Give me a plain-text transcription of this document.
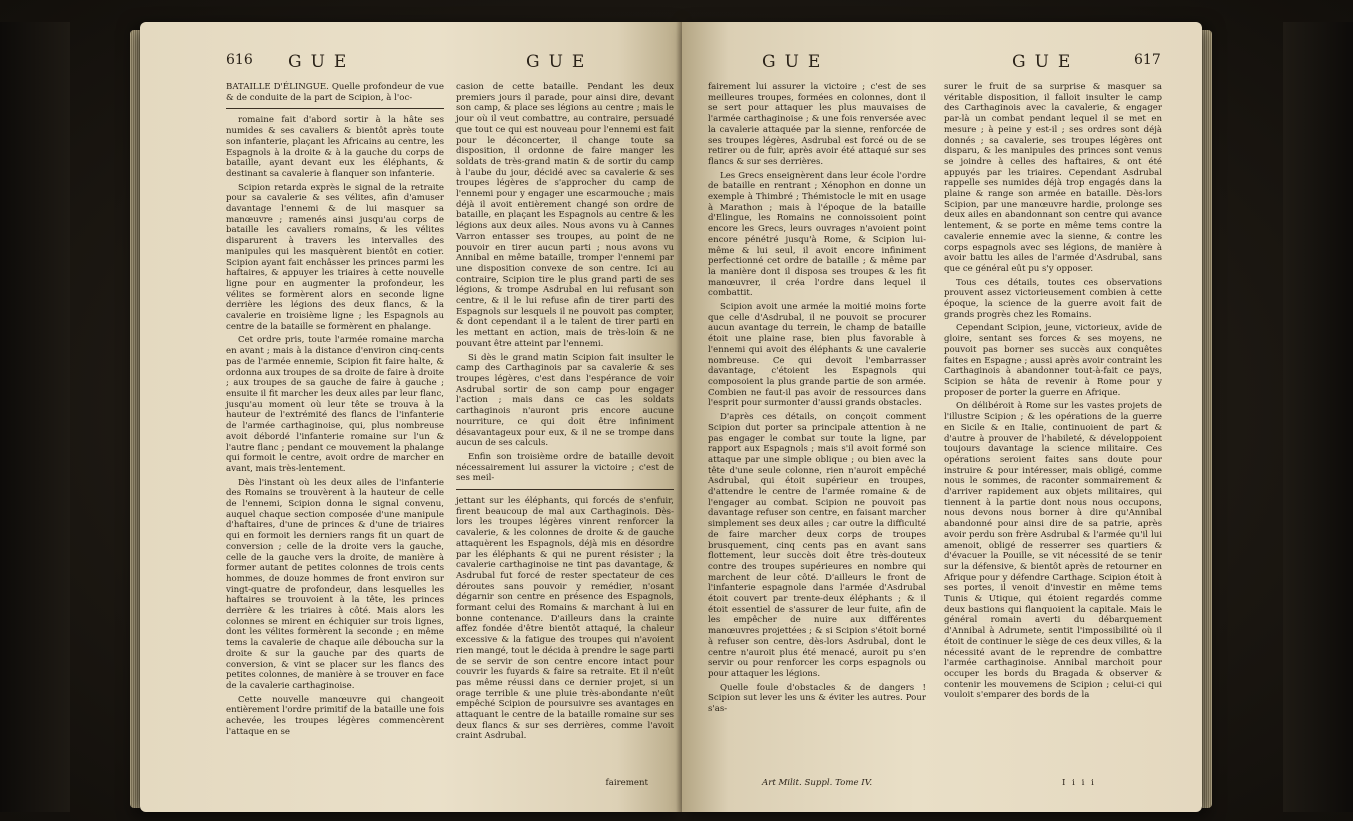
616 GUE	GUE

BATAILLE D'ÉLINGUE. Quelle profondeur de vue & de conduite de la part de Scipion, à l'oc-

romaine fait d'abord sortir à la hâte ses numides & ses cavaliers & bientôt après toute son infanterie, plaçant les Africains au centre, les Espagnols à la droite & à la gauche du corps de bataille, ayant devant eux les éléphants, & destinant sa cavalerie à flanquer son infanterie.

Scipion retarda exprès le signal de la retraite pour sa cavalerie & ses vélites, afin d'amuser davantage l'ennemi & de lui masquer sa manœuvre ; ramenés ainsi jusqu'au corps de bataille les cavaliers romains, & les vélites disparurent à travers les intervalles des manipules qui les masquèrent bientôt en cotier. Scipion ayant fait enchâsser les princes parmi les haftaires, & appuyer les triaires à cette nouvelle ligne pour en augmenter la profondeur, les vélites se formèrent alors en seconde ligne derrière les légions des deux flancs, & la cavalerie en troisième ligne ; les Espagnols au centre de la bataille se formèrent en phalange.

Cet ordre pris, toute l'armée romaine marcha en avant ; mais à la distance d'environ cinq-cents pas de l'armée ennemie, Scipion fit faire halte, & ordonna aux troupes de sa droite de faire à droite ; aux troupes de sa gauche de faire à gauche ; ensuite il fit marcher les deux ailes par leur flanc, jusqu'au moment où leur tête se trouva à la hauteur de l'extrémité des flancs de l'infanterie de l'armée carthaginoise, qui, plus nombreuse avoit débordé l'infanterie romaine sur l'un & l'autre flanc ; pendant ce mouvement la phalange qui formoit le centre, avoit ordre de marcher en avant, mais très-lentement.

Dès l'instant où les deux ailes de l'infanterie des Romains se trouvèrent à la hauteur de celle de l'ennemi, Scipion donna le signal convenu, auquel chaque section composée d'une manipule d'haftaires, d'une de princes & d'une de triaires qui en formoit les derniers rangs fit un quart de conversion ; celle de la droite vers la gauche, celle de la gauche vers la droite, de manière à former autant de petites colonnes de trois cents hommes, de douze hommes de front environ sur vingt-quatre de profondeur, dans lesquelles les haftaires se trouvoient à la tête, les princes derrière & les triaires à côté. Mais alors les colonnes se mirent en échiquier sur trois lignes, dont les vélites formèrent la seconde ; en même tems la cavalerie de chaque aile déboucha sur la droite & sur la gauche par des quarts de conversion, & vint se placer sur les flancs des petites colonnes, de manière à se trouver en face de la cavalerie carthaginoise.

Cette nouvelle manœuvre qui changeoit entièrement l'ordre primitif de la bataille une fois achevée, les troupes légères commencèrent l'attaque en se

casion de cette bataille. Pendant les deux premiers jours il parade, pour ainsi dire, devant son camp, & place ses légions au centre ; mais le jour où il veut combattre, au contraire, persuadé que tout ce qui est nouveau pour l'ennemi est fait pour le déconcerter, il change toute sa disposition, il ordonne de faire manger les soldats de très-grand matin & de sortir du camp à l'aube du jour, décidé avec sa cavalerie & ses troupes légères de s'approcher du camp de l'ennemi pour y engager une escarmouche ; mais déjà il avoit entièrement changé son ordre de bataille, en plaçant les Espagnols au centre & les légions aux deux ailes. Nous avons vu à Cannes Varron entasser ses troupes, au point de ne pouvoir en tirer aucun parti ; nous avons vu Annibal en même bataille, tromper l'ennemi par une disposition convexe de son centre. Ici au contraire, Scipion tire le plus grand parti de ses légions, & trompe Asdrubal en lui refusant son centre, & il le lui refuse afin de tirer parti des Espagnols sur lesquels il ne pouvoit pas compter, & dont cependant il a le talent de tirer parti en les mettant en action, mais de très-loin & ne pouvant être atteint par l'ennemi.

Si dès le grand matin Scipion fait insulter le camp des Carthaginois par sa cavalerie & ses troupes légères, c'est dans l'espérance de voir Asdrubal sortir de son camp pour engager l'action ; mais dans ce cas les soldats carthaginois n'auront pris encore aucune nourriture, ce qui doit être infiniment désavantageux pour eux, & il ne se trompe dans aucun de ses calculs.

Enfin son troisième ordre de bataille devoit nécessairement lui assurer la victoire ; c'est de ses meil-

jettant sur les éléphants, qui forcés de s'enfuir, firent beaucoup de mal aux Carthaginois. Dès-lors les troupes légères vinrent renforcer la cavalerie, & les colonnes de droite & de gauche attaquèrent les Espagnols, déjà mis en désordre par les éléphants & qui ne purent résister ; la cavalerie carthaginoise ne tint pas davantage, & Asdrubal fut forcé de rester spectateur de ces déroutes sans pouvoir y remédier, n'osant dégarnir son centre en présence des Espagnols, formant celui des Romains & marchant à lui en bonne contenance. D'ailleurs dans la crainte affez fondée d'être bientôt attaqué, la chaleur excessive & la fatigue des troupes qui n'avoient rien mangé, tout le décida à prendre le sage parti de se servir de son centre encore intact pour couvrir les fuyards & faire sa retraite. Et il n'eût pas même réussi dans ce dernier projet, si un orage terrible & une pluie très-abondante n'eût empêché Scipion de poursuivre ses avantages en attaquant le centre de la bataille romaine sur ses deux flancs & sur ses derrières, comme l'avoit craint Asdrubal.

fairement
GUE	GUE	617

fairement lui assurer la victoire ; c'est de ses meilleures troupes, formées en colonnes, dont il se sert pour attaquer les plus mauvaises de l'armée carthaginoise ; & une fois renversée avec la cavalerie attaquée par la sienne, renforcée de ses troupes légères, Asdrubal est forcé ou de se retirer ou de fuir, après avoir été attaqué sur ses flancs & sur ses derrières.

Les Grecs enseignèrent dans leur école l'ordre de bataille en rentrant ; Xénophon en donne un exemple à Thimbré ; Thémistocle le mit en usage à Marathon ; mais à l'époque de la bataille d'Elingue, les Romains ne connoissoient point encore les Grecs, leurs ouvrages n'avoient point encore pénétré jusqu'à Rome, & Scipion lui-même & lui seul, il avoit encore infiniment perfectionné cet ordre de bataille ; & même par la manière dont il disposa ses troupes & les fit manœuvrer, il créa l'ordre dans lequel il combattit.

Scipion avoit une armée la moitié moins forte que celle d'Asdrubal, il ne pouvoit se procurer aucun avantage du terrein, le champ de bataille étoit une plaine rase, bien plus favorable à l'ennemi qui avoit des éléphants & une cavalerie nombreuse. Ce qui devoit l'embarrasser davantage, c'étoient les Espagnols qui composoient la plus grande partie de son armée. Combien ne faut-il pas avoir de ressources dans l'esprit pour surmonter d'aussi grands obstacles.

D'après ces détails, on conçoit comment Scipion dut porter sa principale attention à ne pas engager le combat sur toute la ligne, par rapport aux Espagnols ; mais s'il avoit formé son attaque par une simple oblique ; ou bien avec la tête d'une seule colonne, rien n'auroit empêché Asdrubal, qui étoit supérieur en troupes, d'attendre le centre de l'armée romaine & de l'engager au combat. Scipion ne pouvoit pas davantage refuser son centre, en faisant marcher simplement ses deux ailes ; car outre la difficulté de faire marcher deux corps de troupes brusquement, cinq cents pas en avant sans flottement, leur succès doit être très-douteux contre des troupes supérieures en nombre qui marchent de leur côté. D'ailleurs le front de l'infanterie espagnole dans l'armée d'Asdrubal étoit couvert par trente-deux éléphants ; & il étoit essentiel de s'assurer de leur fuite, afin de les empêcher de nuire aux différentes manœuvres projettées ; & si Scipion s'étoit borné à refuser son centre, dès-lors Asdrubal, dont le centre n'auroit plus été menacé, auroit pu s'en servir ou pour renforcer les corps espagnols ou pour attaquer les légions.

Quelle foule d'obstacles & de dangers ! Scipion sut lever les uns & éviter les autres. Pour s'as-

surer le fruit de sa surprise & masquer sa véritable disposition, il falloit insulter le camp des Carthaginois avec la cavalerie, & engager par-là un combat pendant lequel il se met en mesure ; à peine y est-il ; ses ordres sont déjà donnés ; sa cavalerie, ses troupes légères ont disparu, & les manipules des princes sont venus se joindre à celles des haftaires, & ont été appuyés par les triaires. Cependant Asdrubal rappelle ses numides déjà trop engagés dans la plaine & range son armée en bataille. Dès-lors Scipion, par une manœuvre hardie, prolonge ses deux ailes en abandonnant son centre qui avance lentement, & se porte en même tems contre la cavalerie ennemie avec la sienne, & contre les corps espagnols avec ses légions, de manière à avoir battu les ailes de l'armée d'Asdrubal, sans que ce général eût pu s'y opposer.

Tous ces détails, toutes ces observations prouvent assez victorieusement combien à cette époque, la science de la guerre avoit fait de grands progrès chez les Romains.

Cependant Scipion, jeune, victorieux, avide de gloire, sentant ses forces & ses moyens, ne pouvoit pas borner ses succès aux conquêtes faites en Espagne ; aussi après avoir contraint les Carthaginois à abandonner tout-à-fait ce pays, Scipion se hâta de revenir à Rome pour y proposer de porter la guerre en Afrique.

On délibéroit à Rome sur les vastes projets de l'illustre Scipion ; & les opérations de la guerre en Sicile & en Italie, continuoient de part & d'autre à prouver de l'habileté, & développoient toujours davantage la science militaire. Ces opérations seroient faites sans doute pour instruire & pour intéresser, mais obligé, comme nous le sommes, de raconter sommairement & d'arriver rapidement aux objets militaires, qui tiennent à la partie dont nous nous occupons, nous devons nous borner à dire qu'Annibal abandonné pour ainsi dire de sa patrie, après avoir perdu son frère Asdrubal & l'armée qu'il lui amenoit, obligé de resserrer ses quartiers & d'évacuer la Pouille, se vit nécessité de se tenir sur la défensive, & bientôt après de retourner en Afrique pour y défendre Carthage. Scipion étoit à ses portes, il venoit d'investir en même tems Tunis & Utique, qui étoient regardés comme deux bastions qui flanquoient la capitale. Mais le général romain averti du débarquement d'Annibal à Adrumete, sentit l'impossibilité où il étoit de continuer le siège de ces deux villes, & la nécessité avant de le reprendre de combattre l'armée carthaginoise. Annibal marchoit pour occuper les bords du Bragada & observer & contenir les mouvemens de Scipion ; celui-ci qui vouloit s'emparer des bords de la

Art Milit. Suppl. Tome IV.	I i i i
